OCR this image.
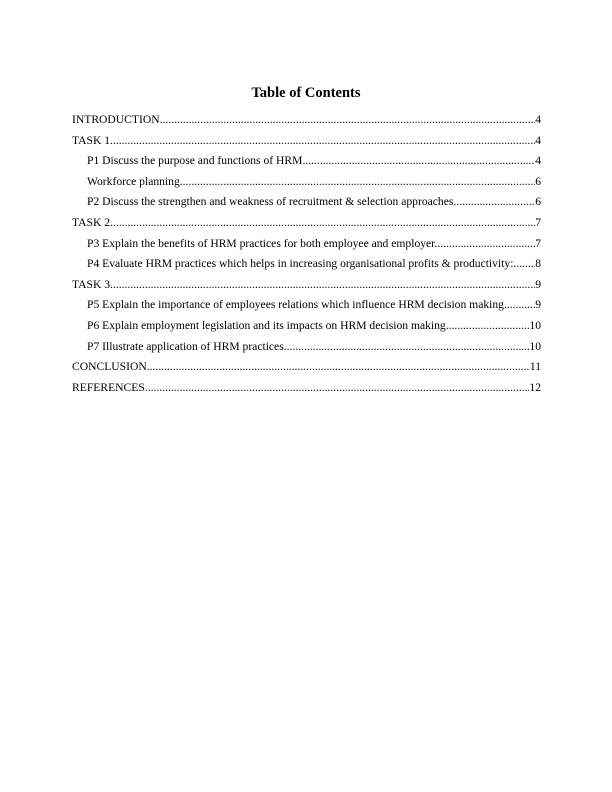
Table of Contents
INTRODUCTION .....	4
TASK 1 .....	4
P1 Discuss the purpose and functions of HRM .....	4
Workforce planning .....	6
P2 Discuss the strengthen and weakness of recruitment & selection approaches. .....	6
TASK 2 .....	7
P3 Explain the benefits of HRM practices for both employee and employer. .....	7
P4 Evaluate HRM practices which helps in increasing organisational profits & productivity: ..... 8
TASK 3 .....	9
P5 Explain the importance of employees relations which influence HRM decision making. ..... 9
P6 Explain employment legislation and its impacts on HRM decision making. .....	10
P7 Illustrate application of HRM practices. .....	10
CONCLUSION .....	11
REFERENCES .....	12
